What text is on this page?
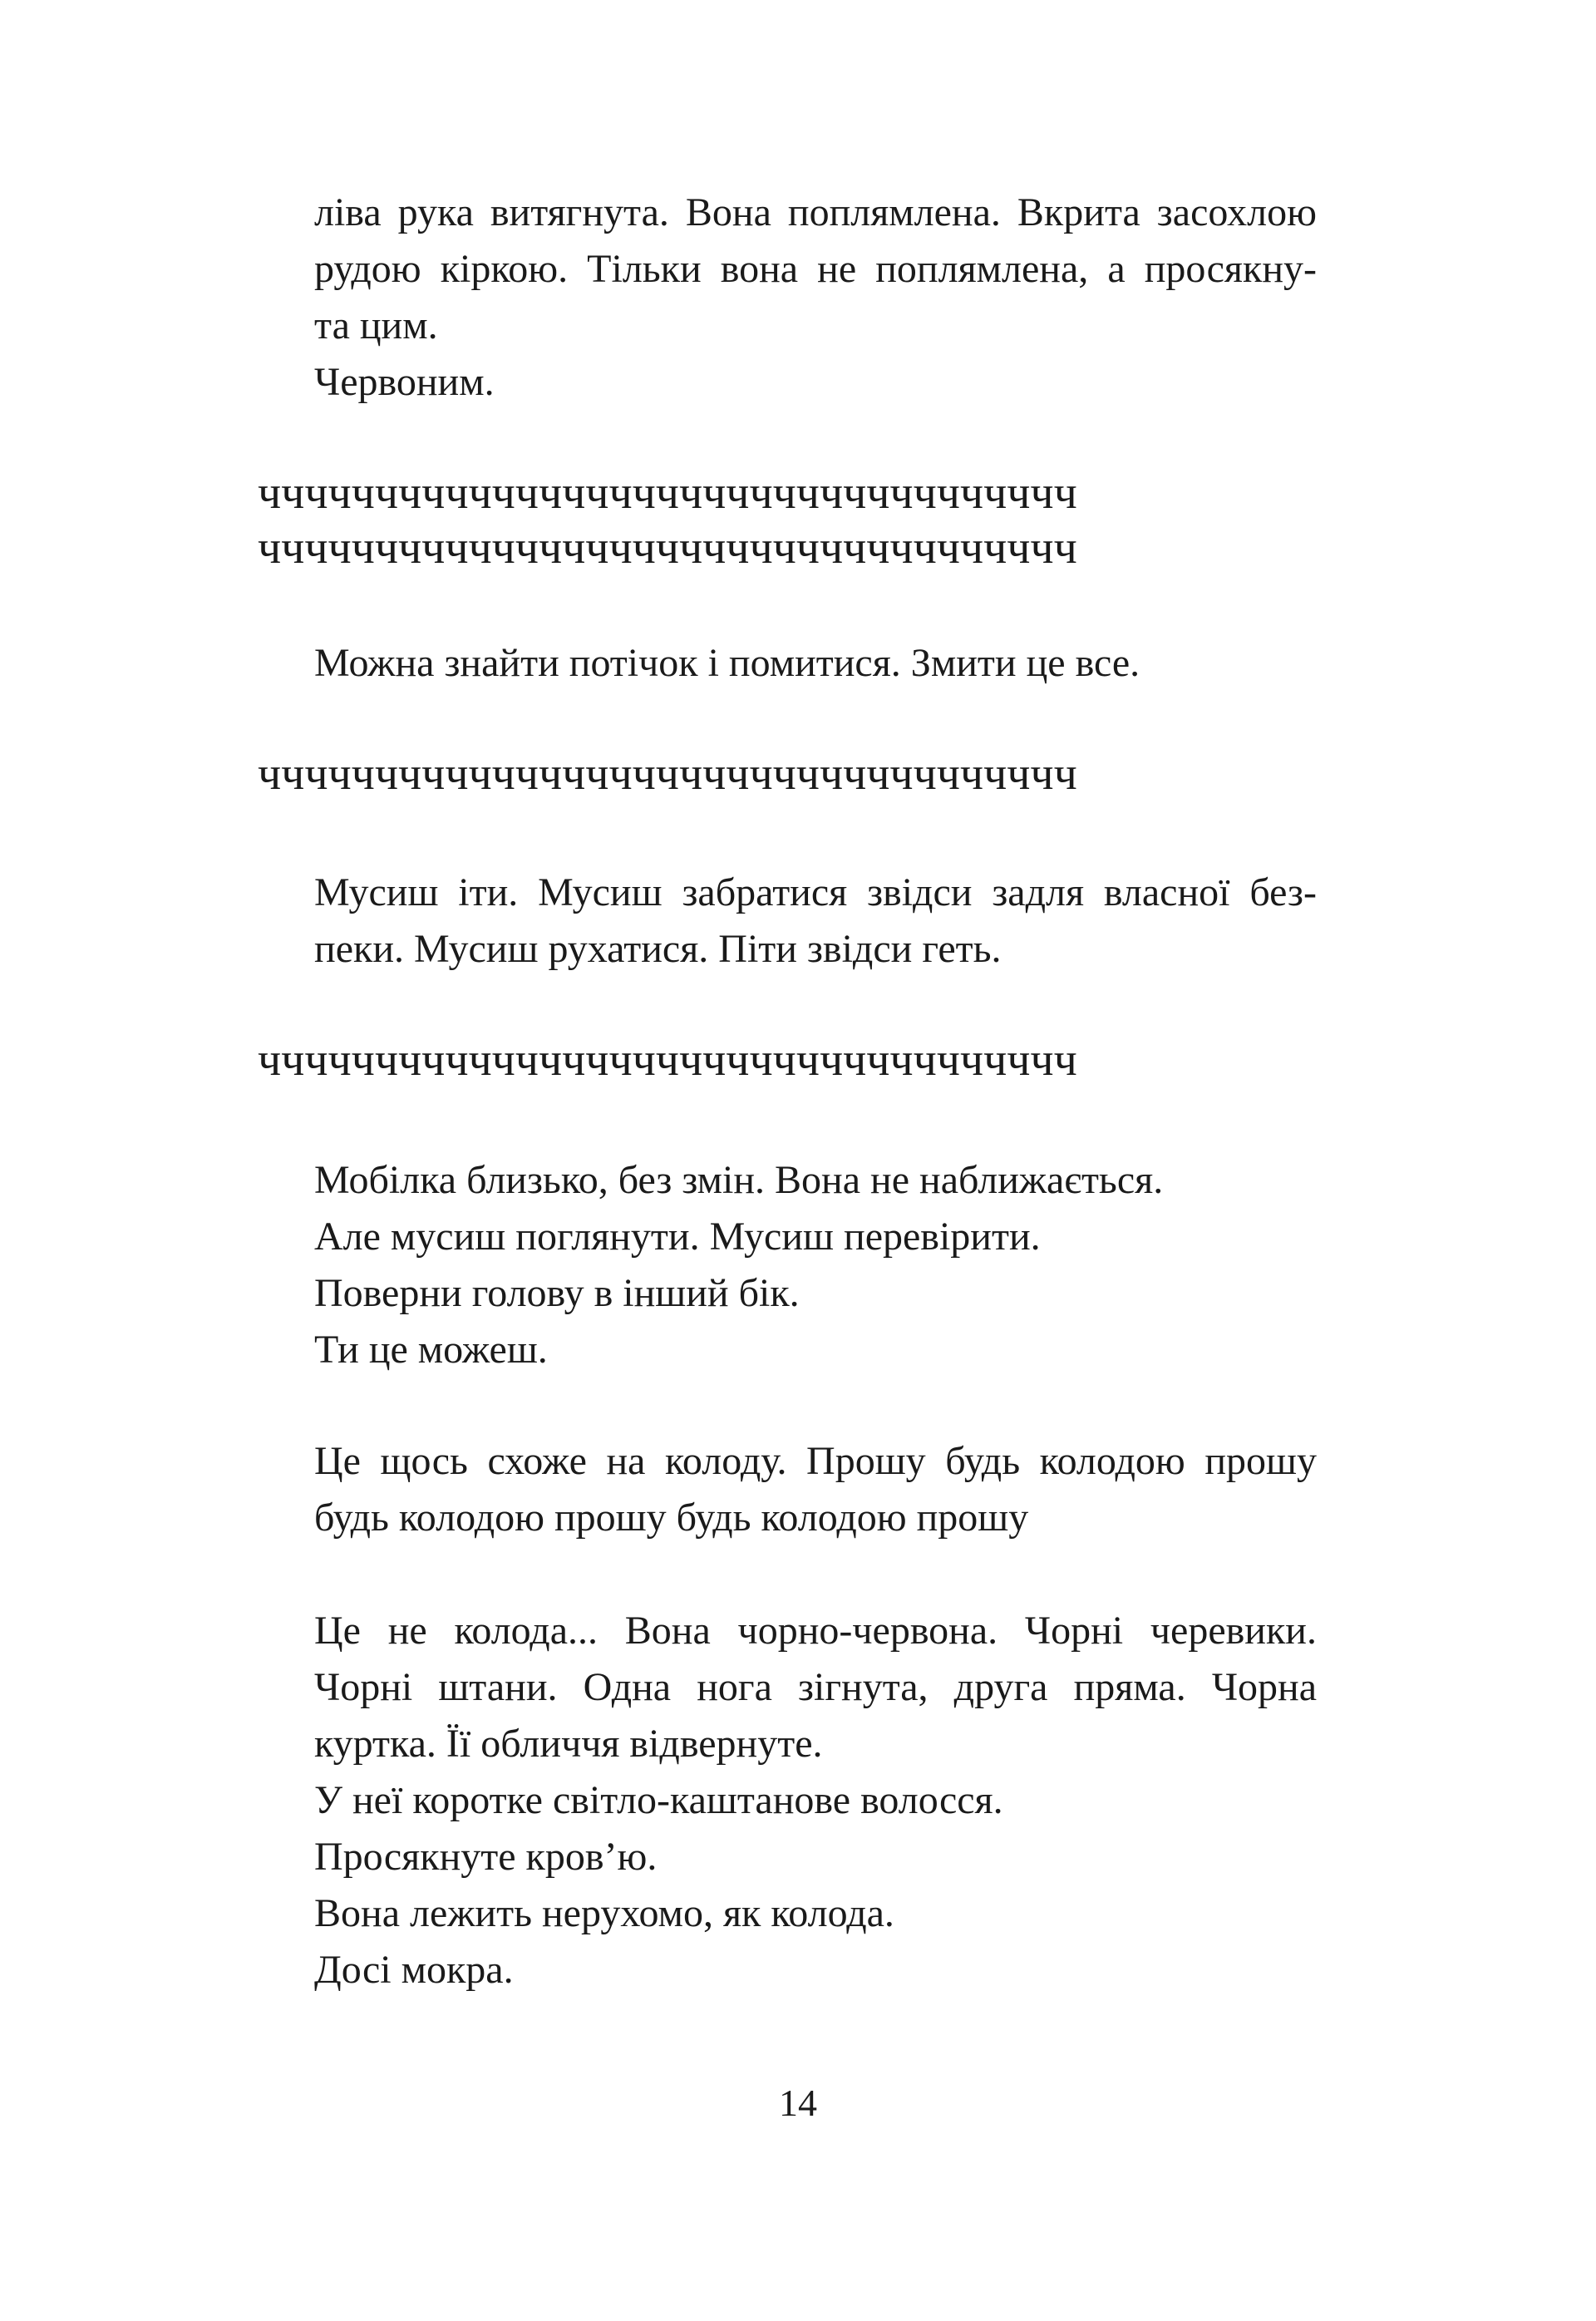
ліва рука витягнута. Вона поплямлена. Вкрита засохлою
рудою кіркою. Тільки вона не поплямлена, а просякну-
та цим.
Червоним.
ччччччччччччччччччччччччччччччччччч
ччччччччччччччччччччччччччччччччччч
Можна знайти потічок і помитися. Змити це все.
ччччччччччччччччччччччччччччччччччч
Мусиш іти. Мусиш забратися звідси задля власної без-
пеки. Мусиш рухатися. Піти звідси геть.
ччччччччччччччччччччччччччччччччччч
Мобілка близько, без змін. Вона не наближається.
Але мусиш поглянути. Мусиш перевірити.
Поверни голову в інший бік.
Ти це можеш.
Це щось схоже на колоду. Прошу будь колодою прошу
будь колодою прошу будь колодою прошу
Це не колода... Вона чорно-червона. Чорні черевики.
Чорні штани. Одна нога зігнута, друга пряма. Чорна
куртка. Її обличчя відвернуте.
У неї коротке світло-каштанове волосся.
Просякнуте кров’ю.
Вона лежить нерухомо, як колода.
Досі мокра.
14
